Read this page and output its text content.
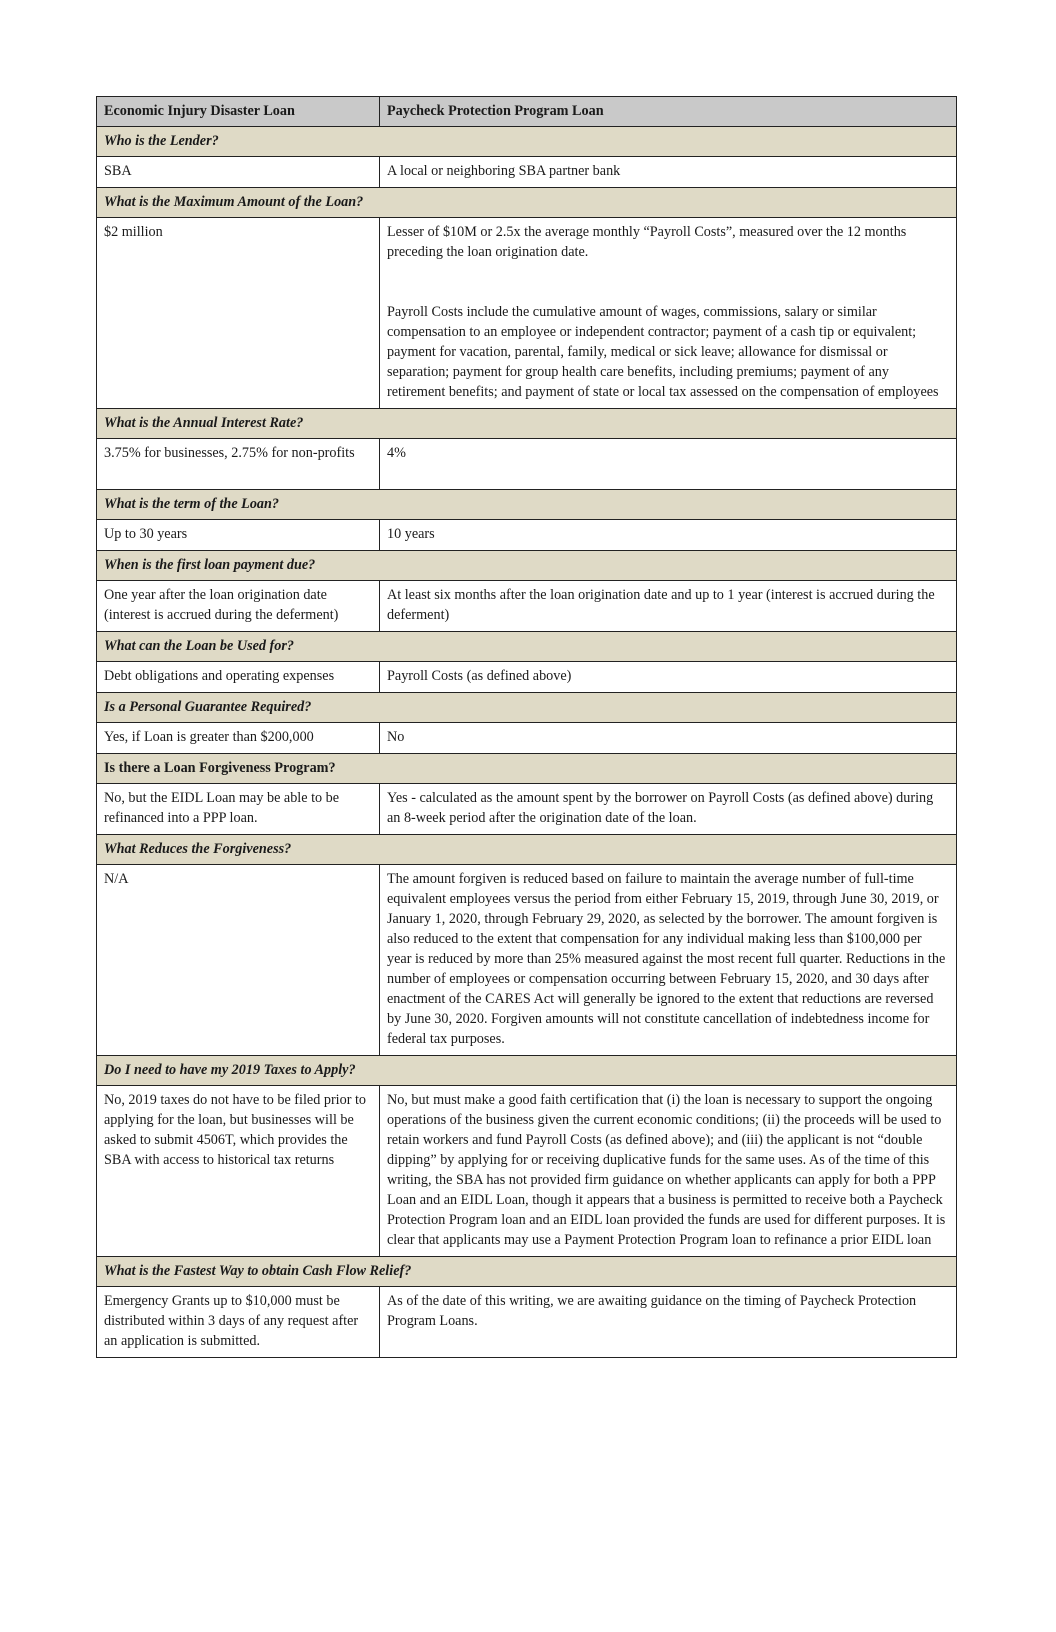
Economic Injury Disaster Loan	Paycheck Protection Program Loan
Who is the Lender?	

SBA	A local or neighboring SBA partner bank

What is the Maximum Amount of the Loan?	

$2 million	Lesser of $10M or 2.5x the average monthly “Payroll Costs”, measured over the 12 months preceding the loan origination date.

Payroll Costs include the cumulative amount of wages, commissions, salary or similar compensation to an employee or independent contractor; payment of a cash tip or equivalent; payment for vacation, parental, family, medical or sick leave; allowance for dismissal or separation; payment for group health care benefits, including premiums; payment of any retirement benefits; and payment of state or local tax assessed on the compensation of employees

What is the Annual Interest Rate?	

3.75% for businesses, 2.75% for non-profits	4%

What is the term of the Loan?	

Up to 30 years	10 years

When is the first loan payment due?	

One year after the loan origination date (interest is accrued during the deferment)	At least six months after the loan origination date and up to 1 year (interest is accrued during the deferment)

What can the Loan be Used for?	

Debt obligations and operating expenses	Payroll Costs (as defined above)

Is a Personal Guarantee Required?	

Yes, if Loan is greater than $200,000	No

Is there a Loan Forgiveness Program?	

No, but the EIDL Loan may be able to be refinanced into a PPP loan.	Yes - calculated as the amount spent by the borrower on Payroll Costs (as defined above) during an 8-week period after the origination date of the loan.

What Reduces the Forgiveness?	

N/A	The amount forgiven is reduced based on failure to maintain the average number of full-time equivalent employees versus the period from either February 15, 2019, through June 30, 2019, or January 1, 2020, through February 29, 2020, as selected by the borrower. The amount forgiven is also reduced to the extent that compensation for any individual making less than $100,000 per year is reduced by more than 25% measured against the most recent full quarter. Reductions in the number of employees or compensation occurring between February 15, 2020, and 30 days after enactment of the CARES Act will generally be ignored to the extent that reductions are reversed by June 30, 2020. Forgiven amounts will not constitute cancellation of indebtedness income for federal tax purposes.

Do I need to have my 2019 Taxes to Apply?	

No, 2019 taxes do not have to be filed prior to applying for the loan, but businesses will be asked to submit 4506T, which provides the SBA with access to historical tax returns	No, but must make a good faith certification that (i) the loan is necessary to support the ongoing operations of the business given the current economic conditions; (ii) the proceeds will be used to retain workers and fund Payroll Costs (as defined above); and (iii) the applicant is not “double dipping” by applying for or receiving duplicative funds for the same uses. As of the time of this writing, the SBA has not provided firm guidance on whether applicants can apply for both a PPP Loan and an EIDL Loan, though it appears that a business is permitted to receive both a Paycheck Protection Program loan and an EIDL loan provided the funds are used for different purposes. It is clear that applicants may use a Payment Protection Program loan to refinance a prior EIDL loan

What is the Fastest Way to obtain Cash Flow Relief?	

Emergency Grants up to $10,000 must be distributed within 3 days of any request after an application is submitted.	As of the date of this writing, we are awaiting guidance on the timing of Paycheck Protection Program Loans.
